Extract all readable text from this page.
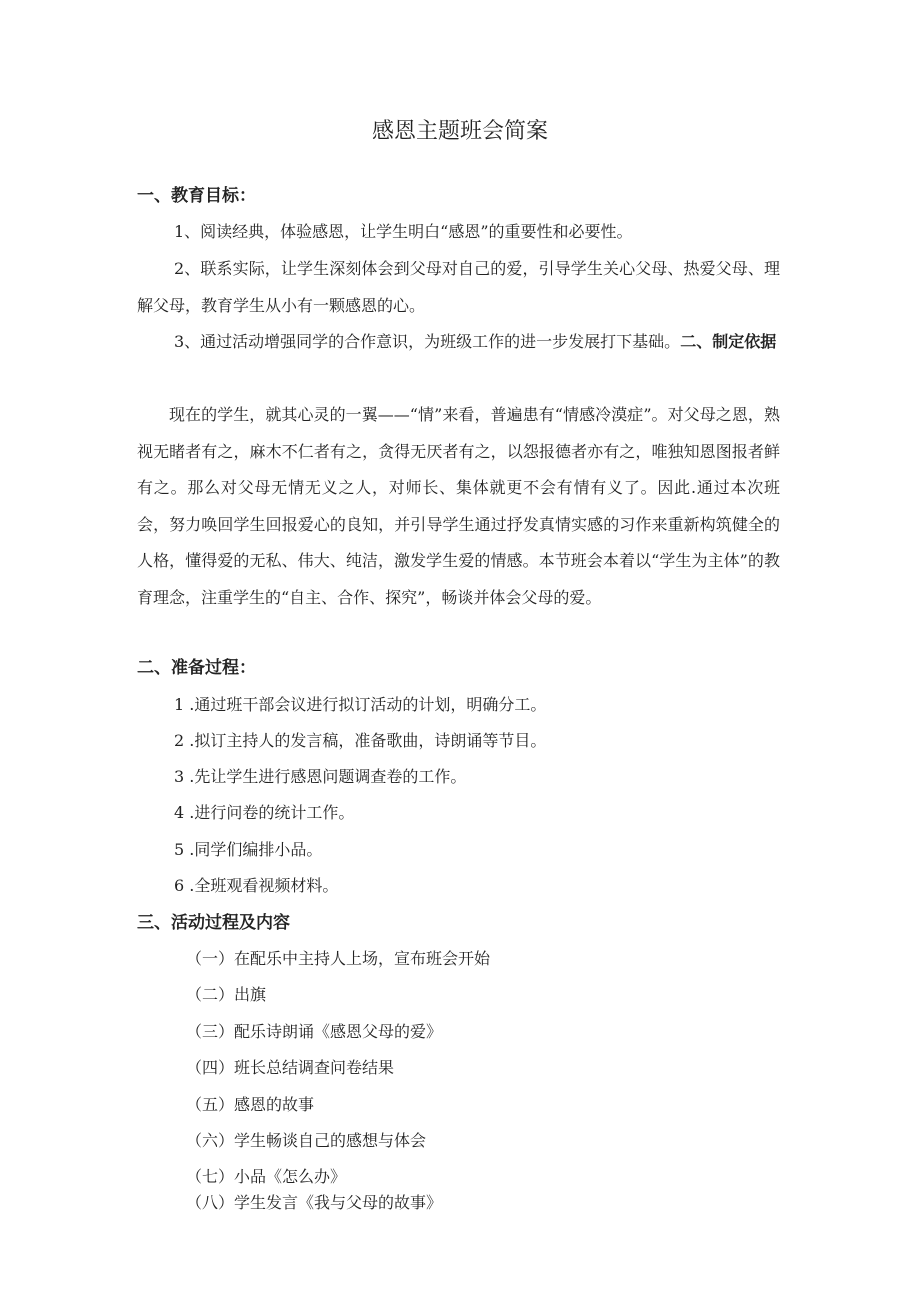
感恩主题班会简案
一、教育目标：
1、阅读经典，体验感恩，让学生明白“感恩”的重要性和必要性。
2、联系实际，让学生深刻体会到父母对自己的爱，引导学生关心父母、热爱父母、理解父母，教育学生从小有一颗感恩的心。
3、通过活动增强同学的合作意识，为班级工作的进一步发展打下基础。二、制定依据
现在的学生，就其心灵的一翼——“情”来看，普遍患有“情感冷漠症”。对父母之恩，熟视无睹者有之，麻木不仁者有之，贪得无厌者有之，以怨报德者亦有之，唯独知恩图报者鲜有之。那么对父母无情无义之人，对师长、集体就更不会有情有义了。因此.通过本次班会，努力唤回学生回报爱心的良知，并引导学生通过抒发真情实感的习作来重新构筑健全的人格，懂得爱的无私、伟大、纯洁，激发学生爱的情感。本节班会本着以“学生为主体”的教育理念，注重学生的“自主、合作、探究”，畅谈并体会父母的爱。
二、准备过程：
1 .通过班干部会议进行拟订活动的计划，明确分工。
2 .拟订主持人的发言稿，准备歌曲，诗朗诵等节目。
3 .先让学生进行感恩问题调查卷的工作。
4 .进行问卷的统计工作。
5 .同学们编排小品。
6 .全班观看视频材料。
三、活动过程及内容
（一）在配乐中主持人上场，宣布班会开始
（二）出旗
（三）配乐诗朗诵《感恩父母的爱》
（四）班长总结调查问卷结果
（五）感恩的故事
（六）学生畅谈自己的感想与体会
（七）小品《怎么办》
（八）学生发言《我与父母的故事》
